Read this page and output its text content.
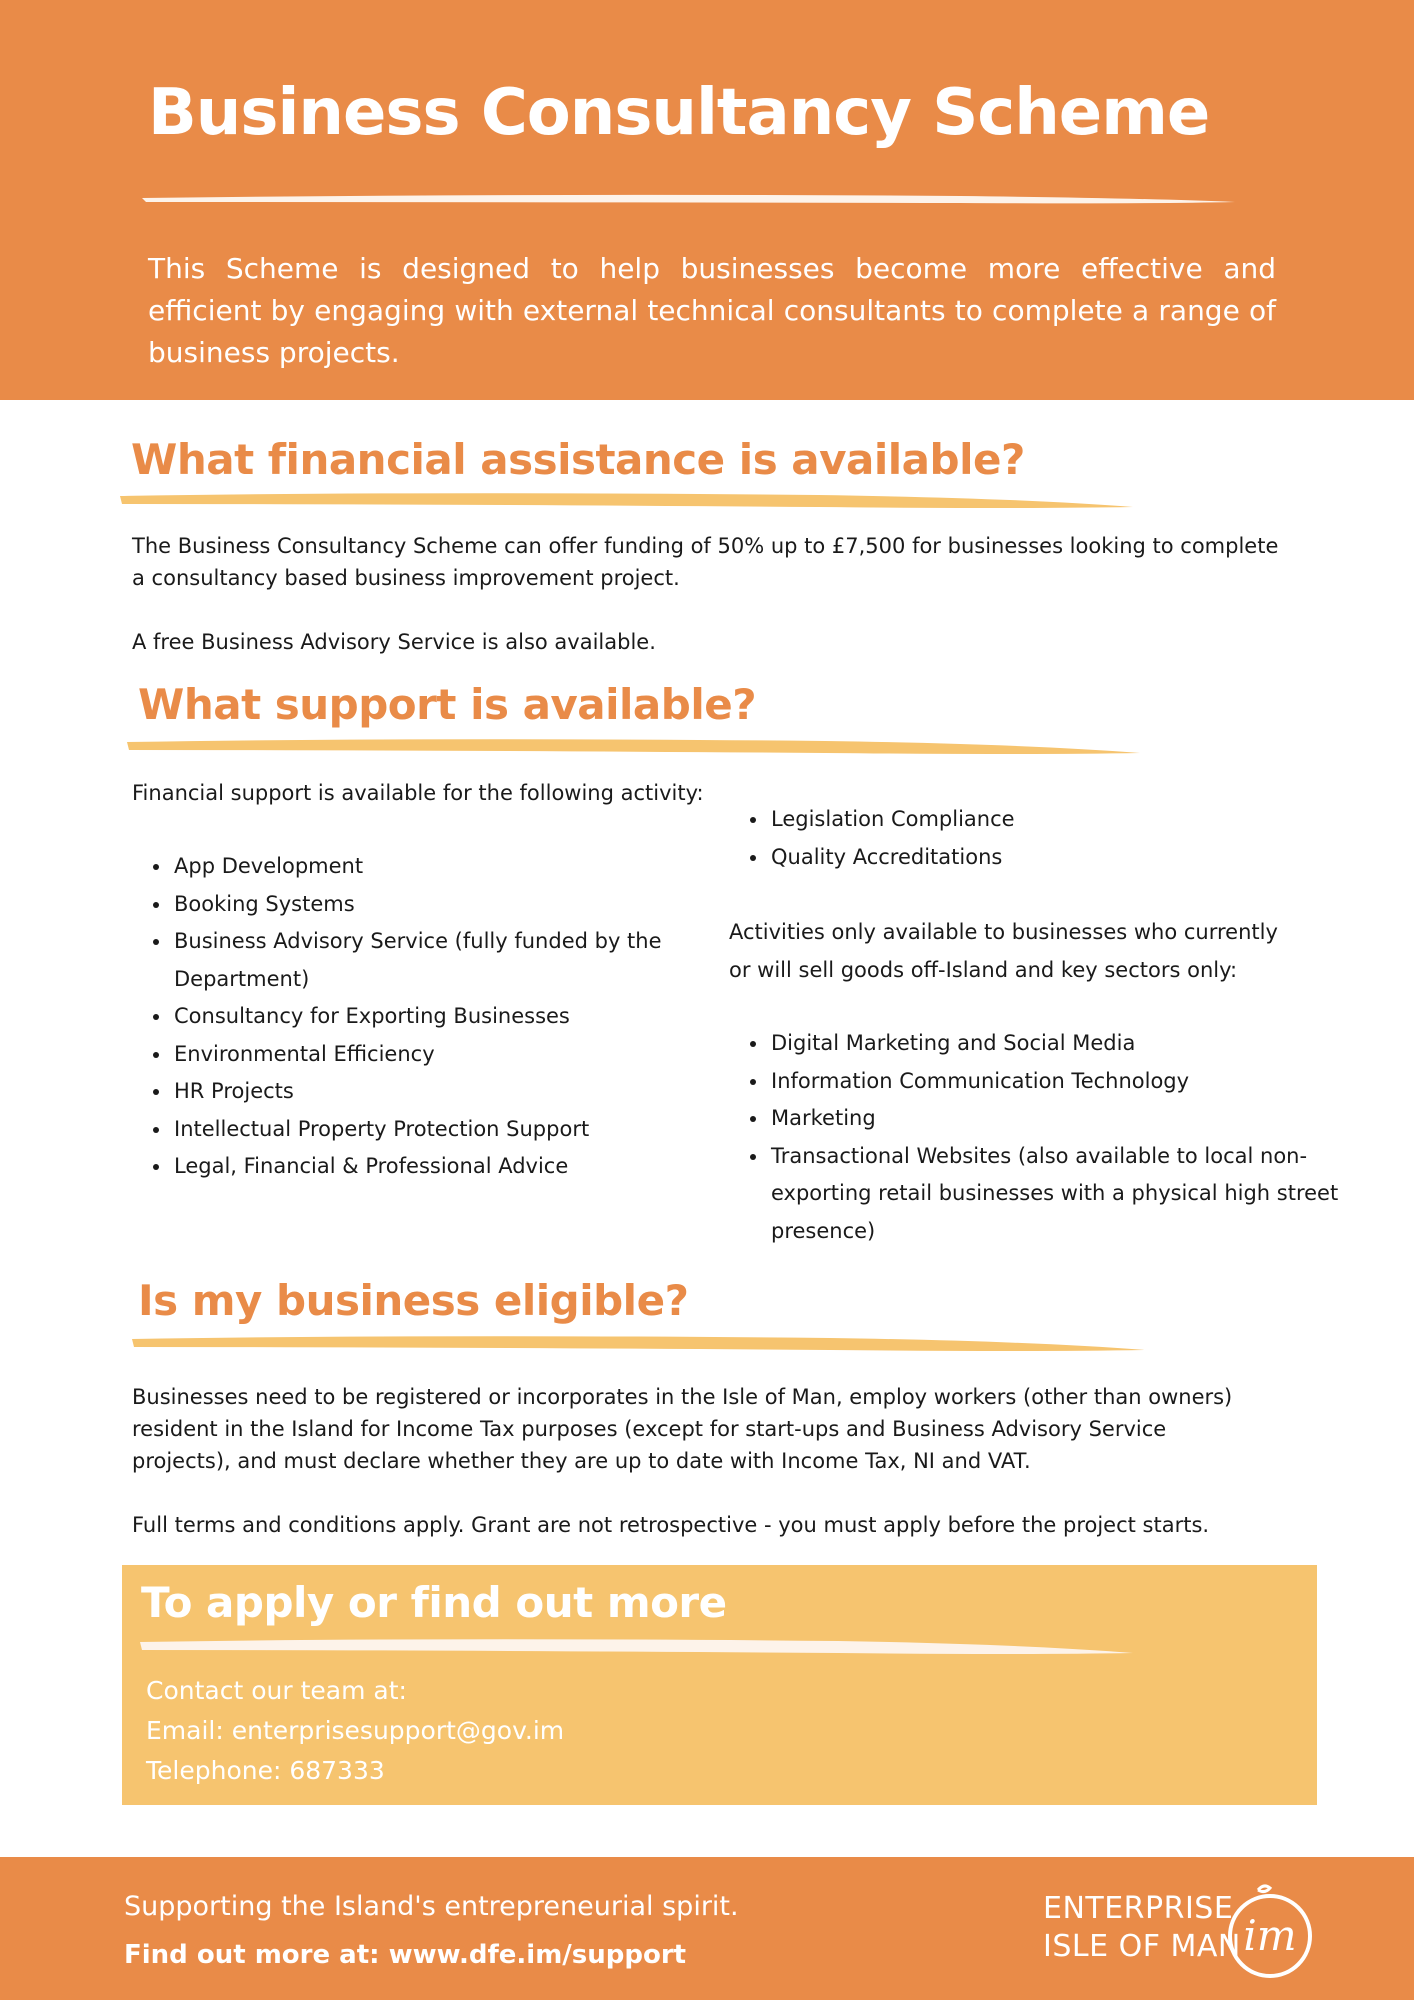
Business Consultancy Scheme

This Scheme is designed to help businesses become more effective and efficient by engaging with external technical consultants to complete a range of business projects.

What financial assistance is available?

The Business Consultancy Scheme can offer funding of 50% up to £7,500 for businesses looking to complete a consultancy based business improvement project.

A free Business Advisory Service is also available.

What support is available?

Financial support is available for the following activity:

• App Development
• Booking Systems
• Business Advisory Service (fully funded by the Department)
• Consultancy for Exporting Businesses
• Environmental Efficiency
• HR Projects
• Intellectual Property Protection Support
• Legal, Financial & Professional Advice
• Legislation Compliance
• Quality Accreditations

Activities only available to businesses who currently or will sell goods off-Island and key sectors only:

• Digital Marketing and Social Media
• Information Communication Technology
• Marketing
• Transactional Websites (also available to local non-exporting retail businesses with a physical high street presence)
Is my business eligible?

Businesses need to be registered or incorporates in the Isle of Man, employ workers (other than owners) resident in the Island for Income Tax purposes (except for start-ups and Business Advisory Service projects), and must declare whether they are up to date with Income Tax, NI and VAT.

Full terms and conditions apply. Grant are not retrospective - you must apply before the project starts.

To apply or find out more

Contact our team at:

Email: enterprisesupport@gov.im

Telephone: 687333

Supporting the Island's entrepreneurial spirit.

Find out more at: www.dfe.im/support

ENTERPRISE

ISLE OF MAN im
